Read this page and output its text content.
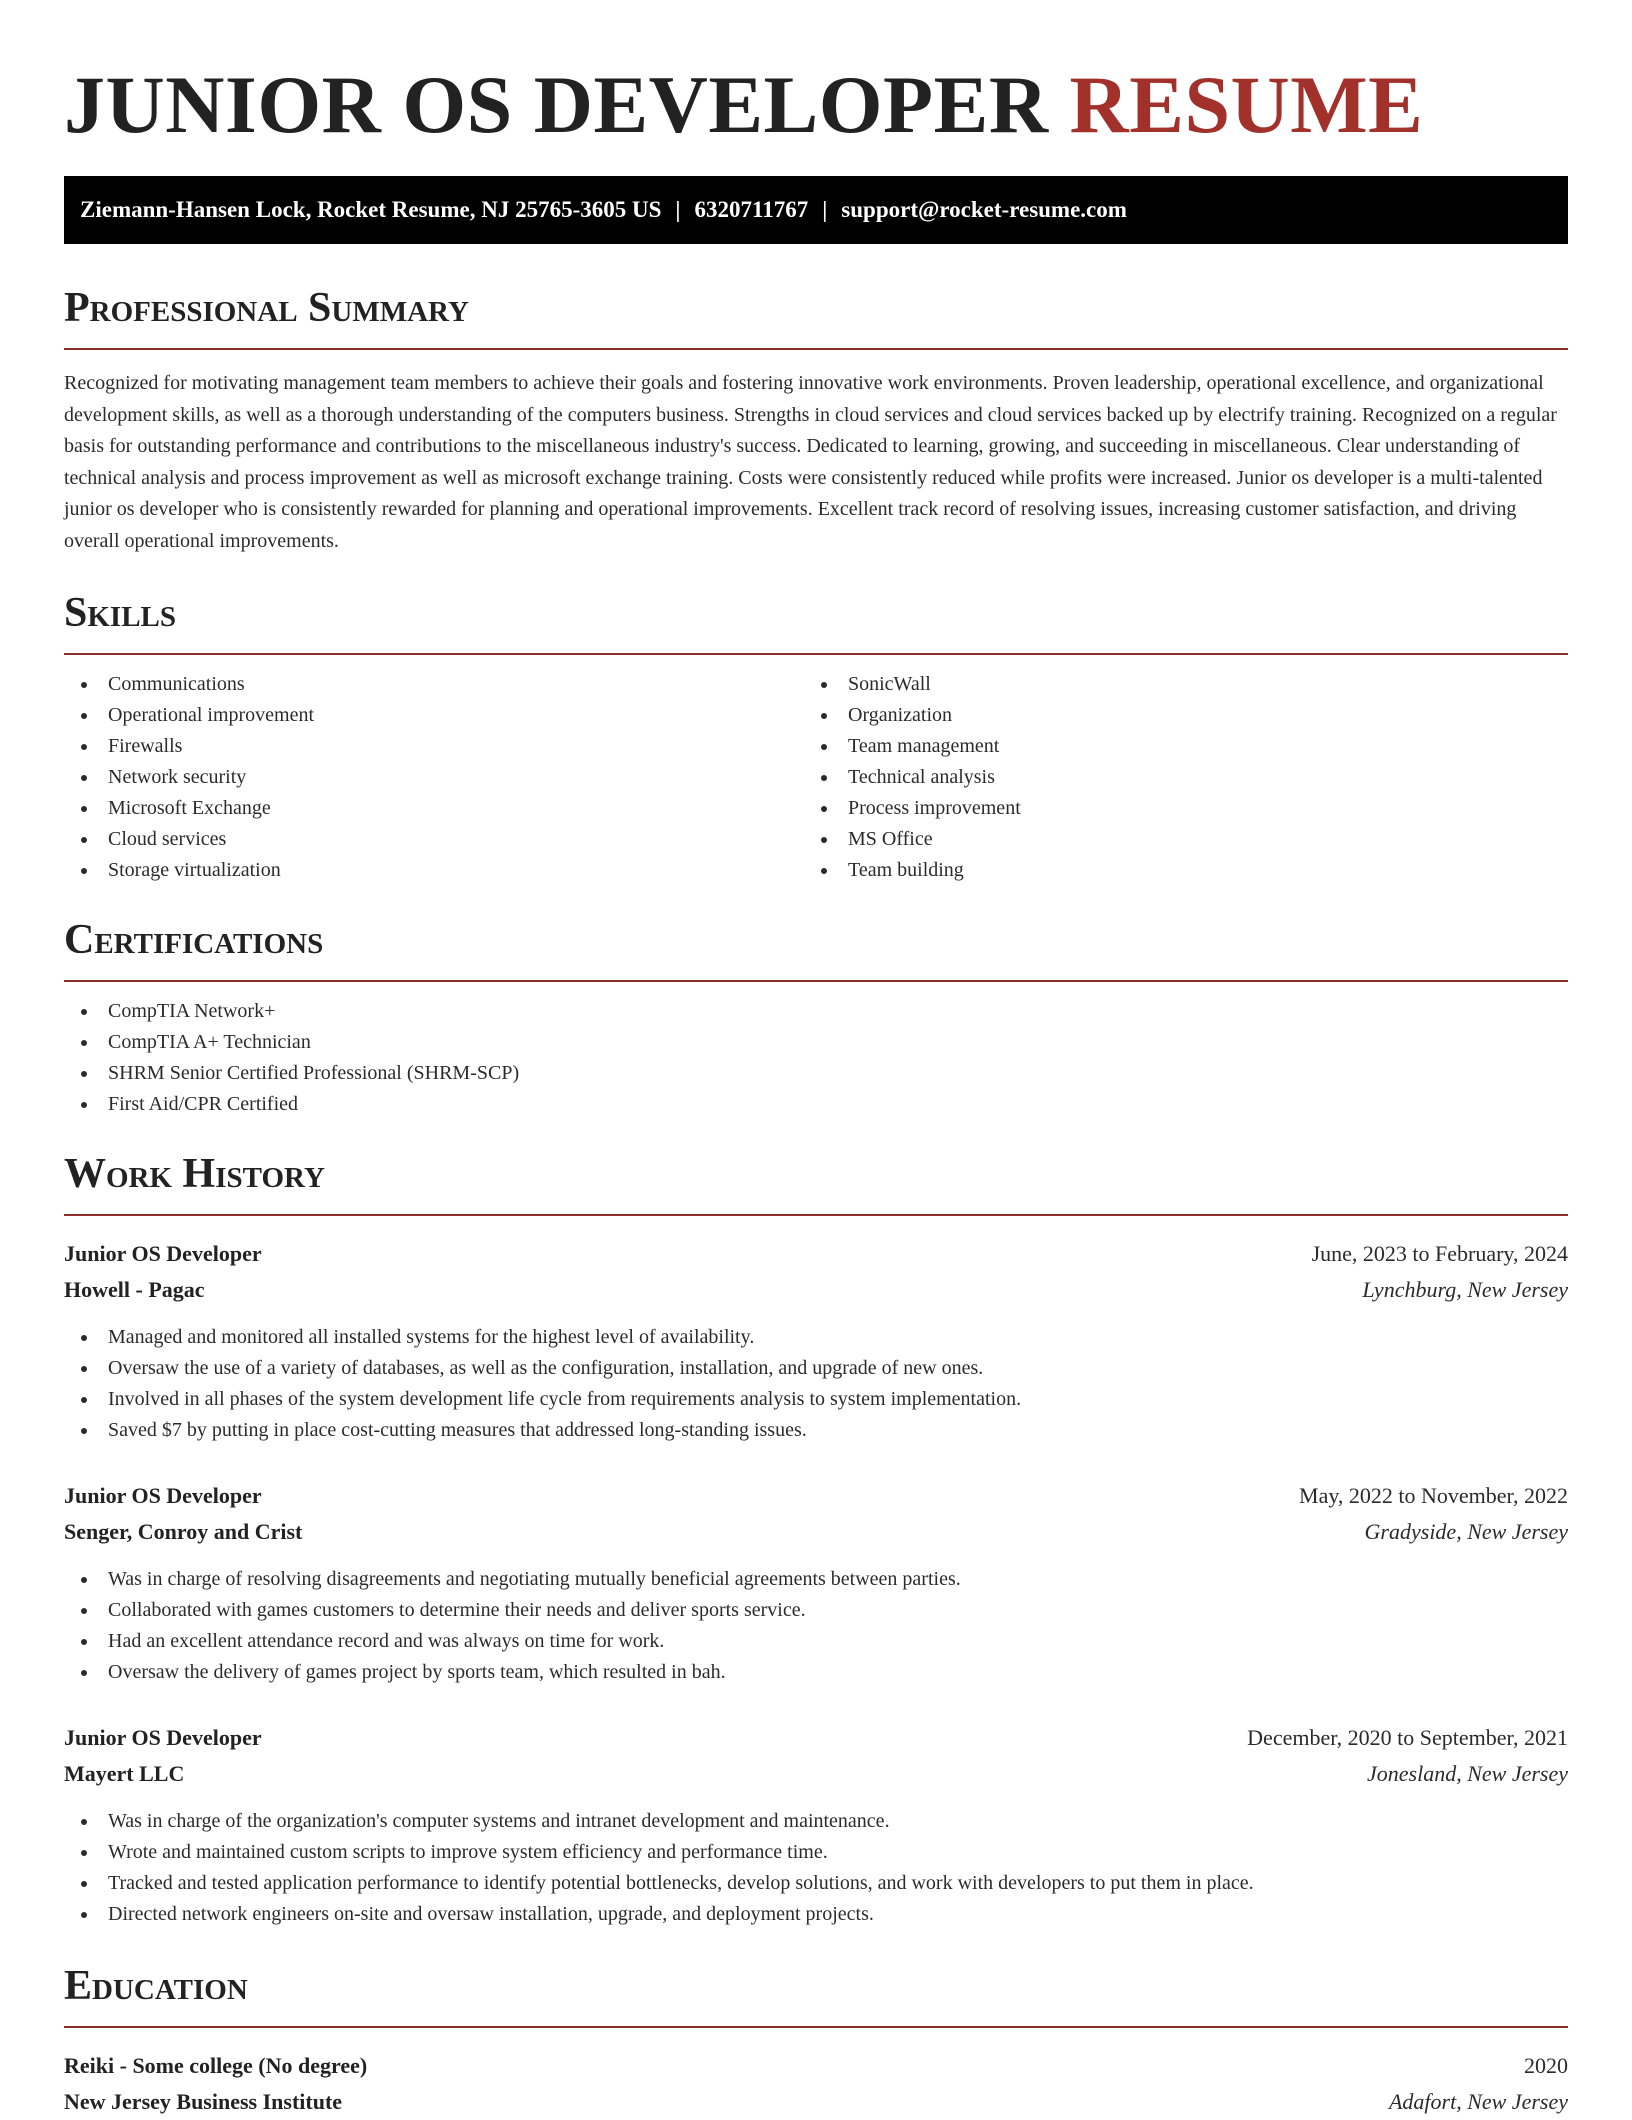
JUNIOR OS DEVELOPER RESUME
Ziemann-Hansen Lock, Rocket Resume, NJ 25765-3605 US | 6320711767 | support@rocket-resume.com
Professional Summary

Recognized for motivating management team members to achieve their goals and fostering innovative work environments. Proven leadership, operational excellence, and organizational development skills, as well as a thorough understanding of the computers business. Strengths in cloud services and cloud services backed up by electrify training. Recognized on a regular basis for outstanding performance and contributions to the miscellaneous industry's success. Dedicated to learning, growing, and succeeding in miscellaneous. Clear understanding of technical analysis and process improvement as well as microsoft exchange training. Costs were consistently reduced while profits were increased. Junior os developer is a multi-talented junior os developer who is consistently rewarded for planning and operational improvements. Excellent track record of resolving issues, increasing customer satisfaction, and driving overall operational improvements.

Skills
Communications
Operational improvement
Firewalls
Network security
Microsoft Exchange
Cloud services
Storage virtualization
SonicWall
Organization
Team management
Technical analysis
Process improvement
MS Office
Team building
Certifications
CompTIA Network+
CompTIA A+ Technician
SHRM Senior Certified Professional (SHRM-SCP)
First Aid/CPR Certified
Work History
Junior OS Developer	June, 2023 to February, 2024
Howell - Pagac	Lynchburg, New Jersey
Managed and monitored all installed systems for the highest level of availability.
Oversaw the use of a variety of databases, as well as the configuration, installation, and upgrade of new ones.
Involved in all phases of the system development life cycle from requirements analysis to system implementation.
Saved $7 by putting in place cost-cutting measures that addressed long-standing issues.
Junior OS Developer	May, 2022 to November, 2022
Senger, Conroy and Crist	Gradyside, New Jersey
Was in charge of resolving disagreements and negotiating mutually beneficial agreements between parties.
Collaborated with games customers to determine their needs and deliver sports service.
Had an excellent attendance record and was always on time for work.
Oversaw the delivery of games project by sports team, which resulted in bah.
Junior OS Developer	December, 2020 to September, 2021
Mayert LLC	Jonesland, New Jersey
Was in charge of the organization's computer systems and intranet development and maintenance.
Wrote and maintained custom scripts to improve system efficiency and performance time.
Tracked and tested application performance to identify potential bottlenecks, develop solutions, and work with developers to put them in place.
Directed network engineers on-site and oversaw installation, upgrade, and deployment projects.
Education
Reiki - Some college (No degree)	2020
New Jersey Business Institute	Adafort, New Jersey
